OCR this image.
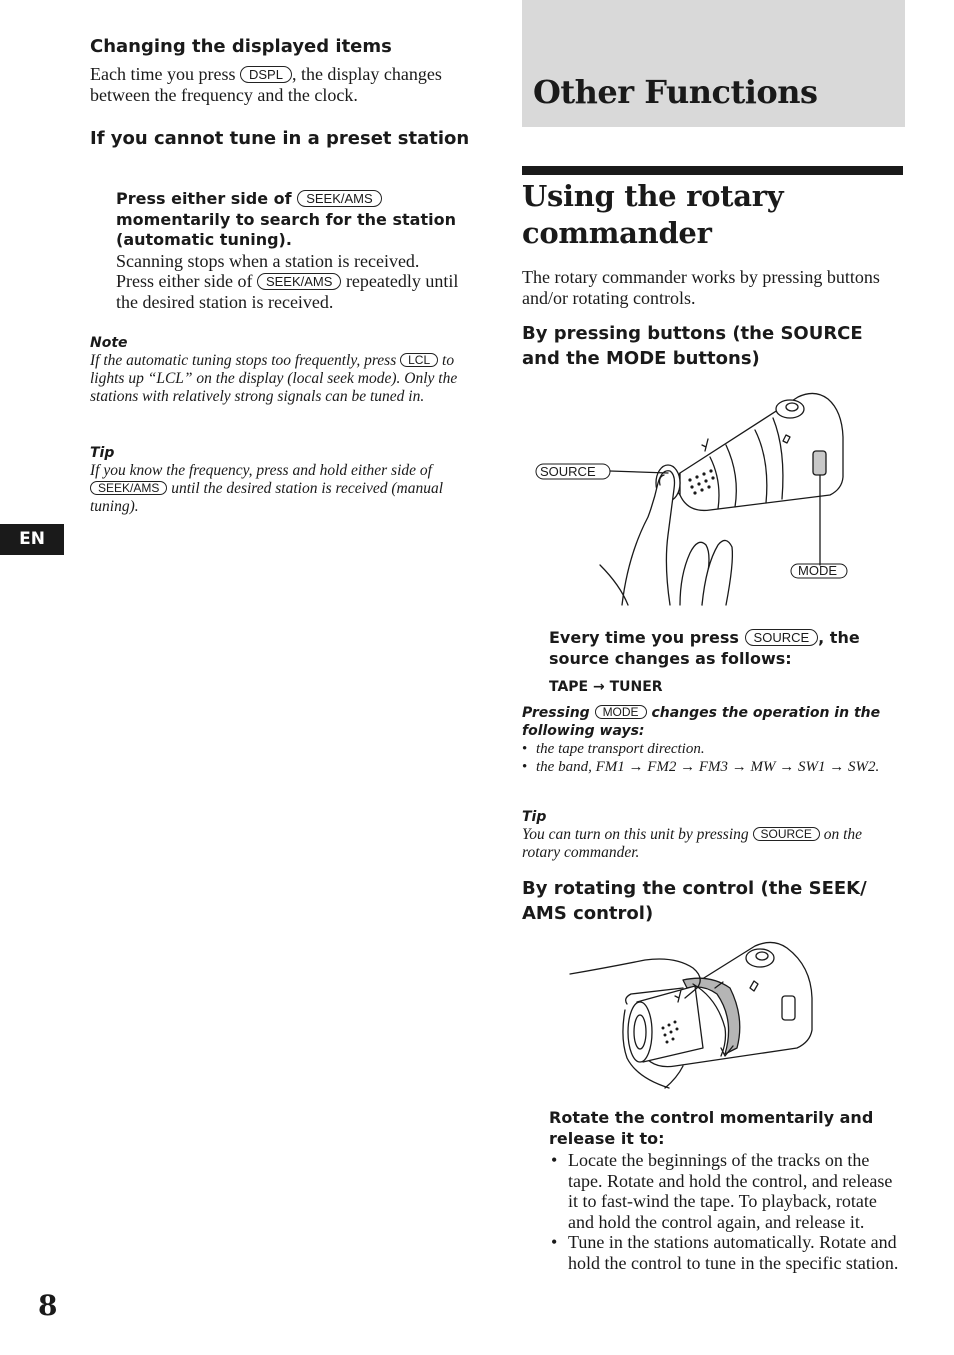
Changing the displayed items
Each time you press DSPL , the display changes between the frequency and the clock.
If you cannot tune in a preset station
Press either side of SEEK/AMS momentarily to search for the station (automatic tuning).
Scanning stops when a station is received.
Press either side of SEEK/AMS repeatedly until the desired station is received.
Note
If the automatic tuning stops too frequently, press LCL to lights up “LCL” on the display (local seek mode). Only the stations with relatively strong signals can be tuned in.
Tip
If you know the frequency, press and hold either side of SEEK/AMS until the desired station is received (manual tuning).
EN
8
Other Functions
Using the rotary commander
The rotary commander works by pressing buttons and/or rotating controls.
By pressing buttons (the SOURCE and the MODE buttons)
SOURCE
MODE
Every time you press SOURCE , the source changes as follows:
TAPE → TUNER
Pressing MODE changes the operation in the following ways:
• the tape transport direction.
• the band, FM1 → FM2 → FM3 → MW → SW1 → SW2.
Tip
You can turn on this unit by pressing SOURCE on the rotary commander.
By rotating the control (the SEEK/ AMS control)
Rotate the control momentarily and release it to:
• Locate the beginnings of the tracks on the tape. Rotate and hold the control, and release it to fast-wind the tape. To playback, rotate and hold the control again, and release it.
• Tune in the stations automatically. Rotate and hold the control to tune in the specific station.
